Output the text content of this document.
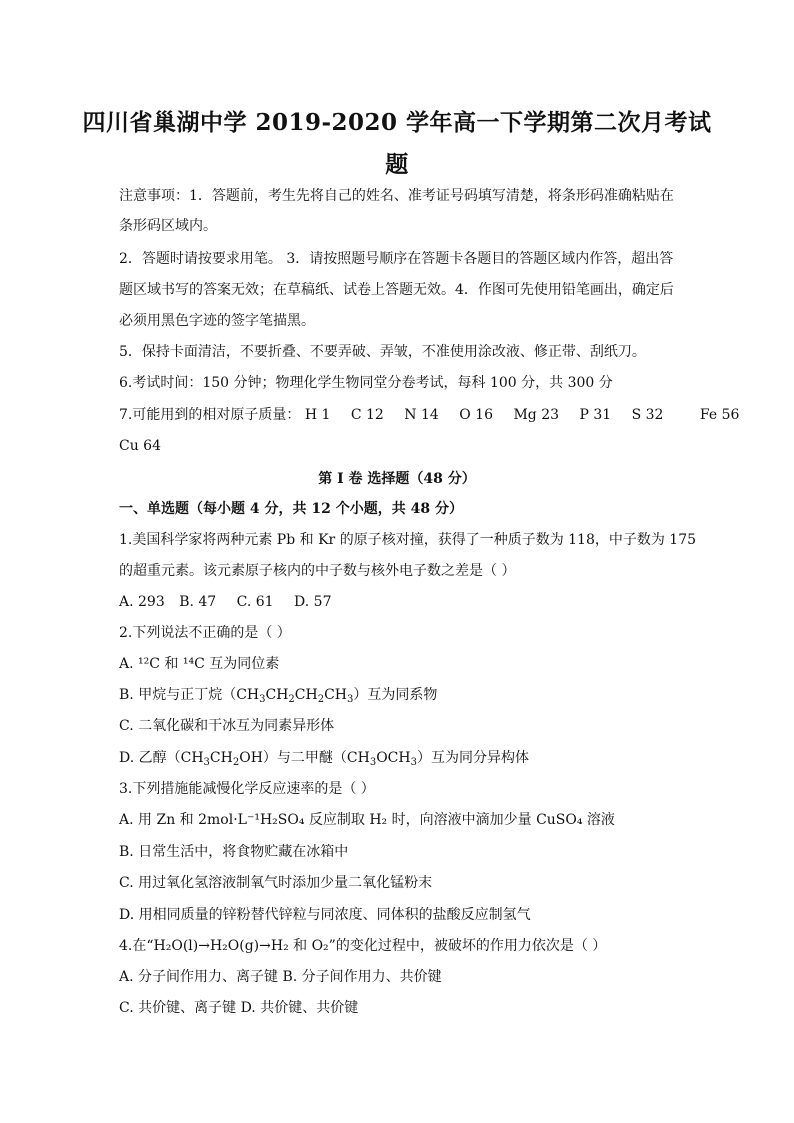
四川省巢湖中学 2019-2020 学年高一下学期第二次月考试
题
注意事项：1．答题前，考生先将自己的姓名、准考证号码填写清楚，将条形码准确粘贴在
条形码区域内。
2．答题时请按要求用笔。 3．请按照题号顺序在答题卡各题目的答题区域内作答，超出答
题区域书写的答案无效；在草稿纸、试卷上答题无效。4．作图可先使用铅笔画出，确定后
必须用黑色字迹的签字笔描黑。
5．保持卡面清洁，不要折叠、不要弄破、弄皱，不准使用涂改液、修正带、刮纸刀。
6.考试时间：150 分钟；物理化学生物同堂分卷考试，每科 100 分，共 300 分
7.可能用到的相对原子质量： H 1 C 12 N 14 O 16 Mg 23 P 31 S 32	Fe 56
Cu 64
第 I 卷 选择题（48 分）
一、单选题（每小题 4 分，共 12 个小题，共 48 分）
1.美国科学家将两种元素 Pb 和 Kr 的原子核对撞，获得了一种质子数为 118，中子数为 175
的超重元素。该元素原子核内的中子数与核外电子数之差是（ ）
A. 293 B. 47 C. 61 D. 57
2.下列说法不正确的是（ ）
A. ¹²C 和 ¹⁴C 互为同位素
B. 甲烷与正丁烷$(CH_3CH_2CH_2CH_3)$互为同系物
C. 二氧化碳和干冰互为同素异形体
D. 乙醇$(CH_3CH_2OH)$与二甲醚$(CH_3OCH_3)$互为同分异构体
3.下列措施能减慢化学反应速率的是（ ）
A. 用 Zn 和 2mol·L⁻¹H₂SO₄ 反应制取 H₂ 时，向溶液中滴加少量 CuSO₄ 溶液
B. 日常生活中，将食物贮藏在冰箱中
C. 用过氧化氢溶液制氧气时添加少量二氧化锰粉末
D. 用相同质量的锌粉替代锌粒与同浓度、同体积的盐酸反应制氢气
4.在“H₂O(l)→H₂O(g)→H₂ 和 O₂”的变化过程中，被破坏的作用力依次是（ ）
A. 分子间作用力、离子键 B. 分子间作用力、共价键
C. 共价键、离子键 D. 共价键、共价键
